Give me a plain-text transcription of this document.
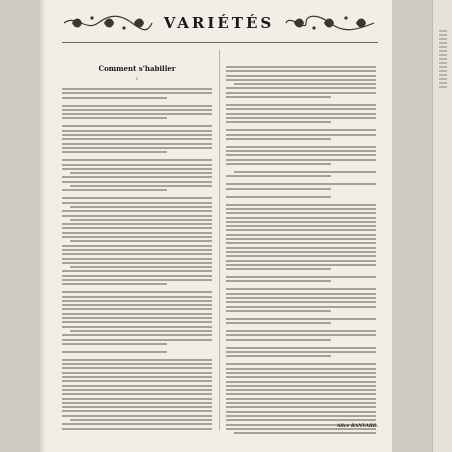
VARIÉTÉS
Comment s'habiller
I
Alice RANVARD.
